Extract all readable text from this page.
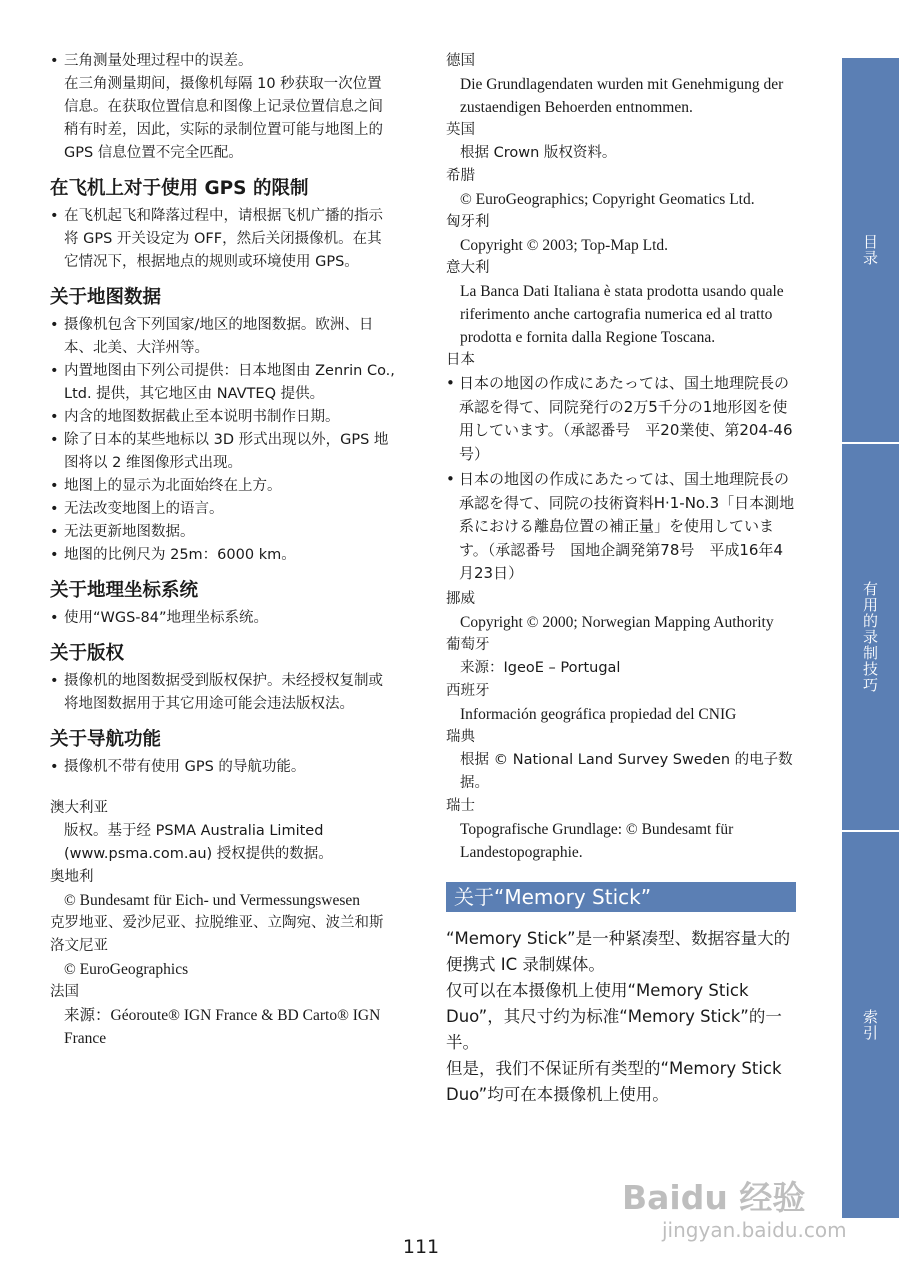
• 三角测量处理过程中的误差。
在三角测量期间，摄像机每隔 10 秒获取一次位置信息。在获取位置信息和图像上记录位置信息之间稍有时差，因此，实际的录制位置可能与地图上的 GPS 信息位置不完全匹配。
在飞机上对于使用 GPS 的限制
• 在飞机起飞和降落过程中，请根据飞机广播的指示将 GPS 开关设定为 OFF，然后关闭摄像机。在其它情况下，根据地点的规则或环境使用 GPS。
关于地图数据
• 摄像机包含下列国家/地区的地图数据。欧洲、日本、北美、大洋州等。
• 内置地图由下列公司提供：日本地图由 Zenrin Co., Ltd. 提供，其它地区由 NAVTEQ 提供。
• 内含的地图数据截止至本说明书制作日期。
• 除了日本的某些地标以 3D 形式出现以外，GPS 地图将以 2 维图像形式出现。
• 地图上的显示为北面始终在上方。
• 无法改变地图上的语言。
• 无法更新地图数据。
• 地图的比例尺为 25m：6000 km。
关于地理坐标系统
• 使用“WGS-84”地理坐标系统。
关于版权
• 摄像机的地图数据受到版权保护。未经授权复制或将地图数据用于其它用途可能会违法版权法。
关于导航功能
• 摄像机不带有使用 GPS 的导航功能。
澳大利亚
版权。基于经 PSMA Australia Limited (www.psma.com.au) 授权提供的数据。
奥地利
© Bundesamt für Eich- und Vermessungswesen
克罗地亚、爱沙尼亚、拉脱维亚、立陶宛、波兰和斯洛文尼亚
© EuroGeographics
法国
来源：Géoroute® IGN France & BD Carto® IGN France
德国
Die Grundlagendaten wurden mit Genehmigung der zustaendigen Behoerden entnommen.
英国
根据 Crown 版权资料。
希腊
© EuroGeographics; Copyright Geomatics Ltd.
匈牙利
Copyright © 2003; Top-Map Ltd.
意大利
La Banca Dati Italiana è stata prodotta usando quale riferimento anche cartografia numerica ed al tratto prodotta e fornita dalla Regione Toscana.
日本
• 日本の地図の作成にあたっては、国土地理院長の承認を得て、同院発行の2万5千分の1地形図を使用しています。（承認番号　平20業使、第204-46号）
• 日本の地図の作成にあたっては、国土地理院長の承認を得て、同院の技術資料H·1-No.3「日本測地系における離島位置の補正量」を使用しています。（承認番号　国地企調発第78号　平成16年4月23日）
挪威
Copyright © 2000; Norwegian Mapping Authority
葡萄牙
来源：IgeoE – Portugal
西班牙
Información geográfica propiedad del CNIG
瑞典
根据 © National Land Survey Sweden 的电子数据。
瑞士
Topografische Grundlage: © Bundesamt für Landestopographie.
关于“Memory Stick”
“Memory Stick”是一种紧凑型、数据容量大的便携式 IC 录制媒体。
仅可以在本摄像机上使用“Memory Stick Duo”，其尺寸约为标准“Memory Stick”的一半。
但是，我们不保证所有类型的“Memory Stick Duo”均可在本摄像机上使用。
目录
有用的录制技巧
索引
111
Baidu 经验
jingyan.baidu.com
